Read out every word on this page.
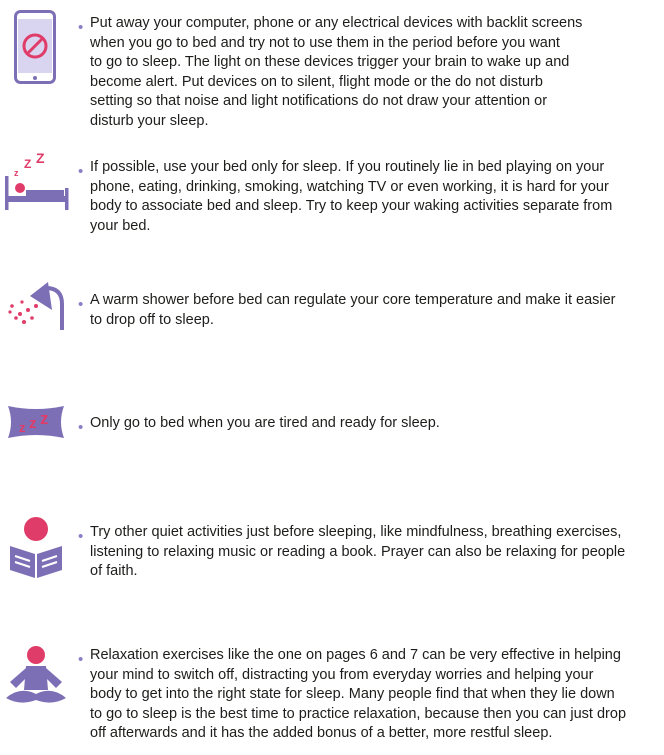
• Put away your computer, phone or any electrical devices with backlit screens
when you go to bed and try not to use them in the period before you want
to go to sleep. The light on these devices trigger your brain to wake up and
become alert. Put devices on to silent, flight mode or the do not disturb
setting so that noise and light notifications do not draw your attention or
disturb your sleep.
z
Z Z
• If possible, use your bed only for sleep. If you routinely lie in bed playing on your
phone, eating, drinking, smoking, watching TV or even working, it is hard for your
body to associate bed and sleep. Try to keep your waking activities separate from
your bed.
• A warm shower before bed can regulate your core temperature and make it easier
to drop off to sleep.
z z z • Only go to bed when you are tired and ready for sleep.
• Try other quiet activities just before sleeping, like mindfulness, breathing exercises,
listening to relaxing music or reading a book. Prayer can also be relaxing for people
of faith.
• Relaxation exercises like the one on pages 6 and 7 can be very effective in helping
your mind to switch off, distracting you from everyday worries and helping your
body to get into the right state for sleep. Many people find that when they lie down
to go to sleep is the best time to practice relaxation, because then you can just drop
off afterwards and it has the added bonus of a better, more restful sleep.
